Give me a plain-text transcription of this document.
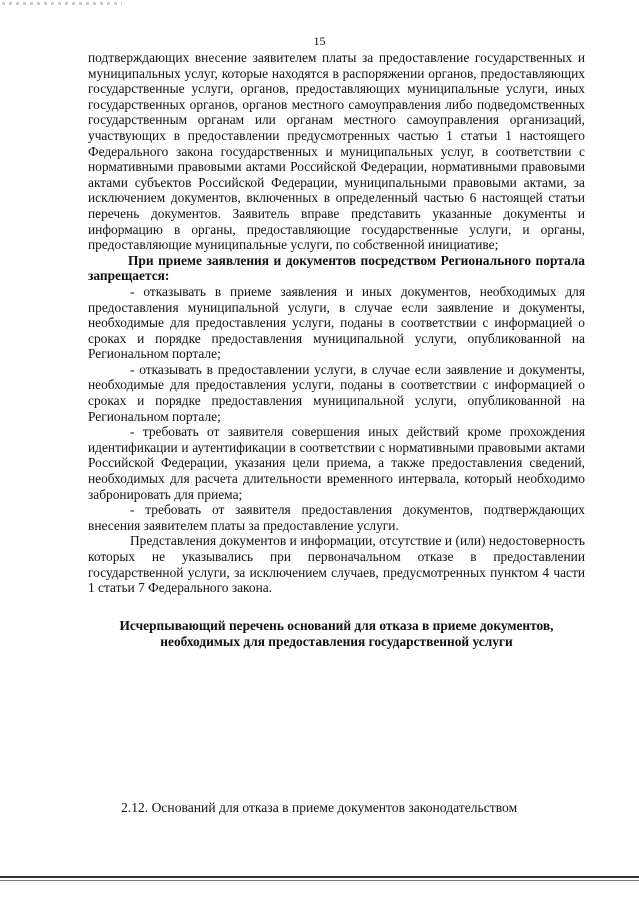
15

подтверждающих внесение заявителем платы за предоставление государственных и муниципальных услуг, которые находятся в распоряжении органов, предоставляющих государственные услуги, органов, предоставляющих муниципальные услуги, иных государственных органов, органов местного самоуправления либо подведомственных государственным органам или органам местного самоуправления организаций, участвующих в предоставлении предусмотренных частью 1 статьи 1 настоящего Федерального закона государственных и муниципальных услуг, в соответствии с нормативными правовыми актами Российской Федерации, нормативными правовыми актами субъектов Российской Федерации, муниципальными правовыми актами, за исключением документов, включенных в определенный частью 6 настоящей статьи перечень документов. Заявитель вправе представить указанные документы и информацию в органы, предоставляющие государственные услуги, и органы, предоставляющие муниципальные услуги, по собственной инициативе;

При приеме заявления и документов посредством Регионального портала запрещается:

- отказывать в приеме заявления и иных документов, необходимых для предоставления муниципальной услуги, в случае если заявление и документы, необходимые для предоставления услуги, поданы в соответствии с информацией о сроках и порядке предоставления муниципальной услуги, опубликованной на Региональном портале;

- отказывать в предоставлении услуги, в случае если заявление и документы, необходимые для предоставления услуги, поданы в соответствии с информацией о сроках и порядке предоставления муниципальной услуги, опубликованной на Региональном портале;

- требовать от заявителя совершения иных действий кроме прохождения идентификации и аутентификации в соответствии с нормативными правовыми актами Российской Федерации, указания цели приема, а также предоставления сведений, необходимых для расчета длительности временного интервала, который необходимо забронировать для приема;

- требовать от заявителя предоставления документов, подтверждающих внесения заявителем платы за предоставление услуги.

Представления документов и информации, отсутствие и (или) недостоверность которых не указывались при первоначальном отказе в предоставлении государственной услуги, за исключением случаев, предусмотренных пунктом 4 части 1 статьи 7 Федерального закона.

Исчерпывающий перечень оснований для отказа в приеме документов, необходимых для предоставления государственной услуги

2.12. Оснований для отказа в приеме документов законодательством
